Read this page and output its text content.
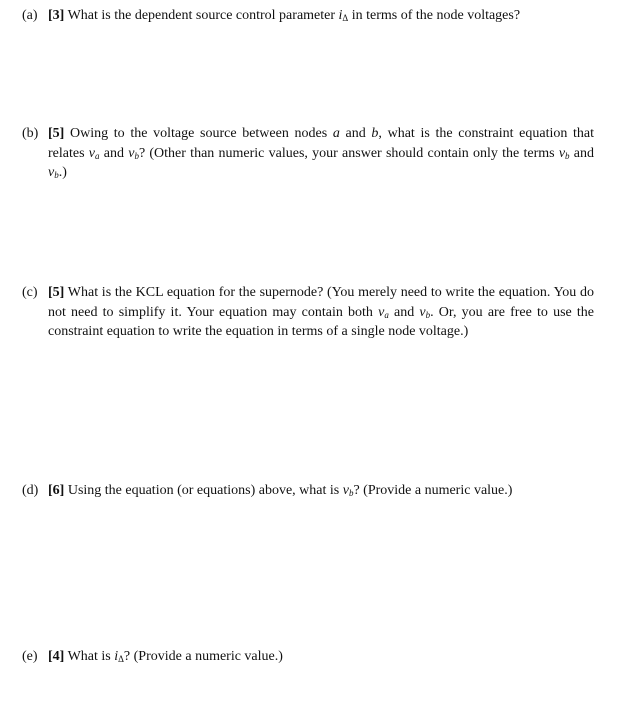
(a) [3] What is the dependent source control parameter $i_\Delta$ in terms of the node voltages?
(b) [5] Owing to the voltage source between nodes a and b, what is the constraint equation that relates $v_a$ and $v_b$? (Other than numeric values, your answer should contain only the terms $v_b$ and $v_b$.)
(c) [5] What is the KCL equation for the supernode? (You merely need to write the equation. You do not need to simplify it. Your equation may contain both $v_a$ and $v_b$. Or, you are free to use the constraint equation to write the equation in terms of a single node voltage.)
(d) [6] Using the equation (or equations) above, what is $v_b$? (Provide a numeric value.)
(e) [4] What is $i_\Delta$? (Provide a numeric value.)
